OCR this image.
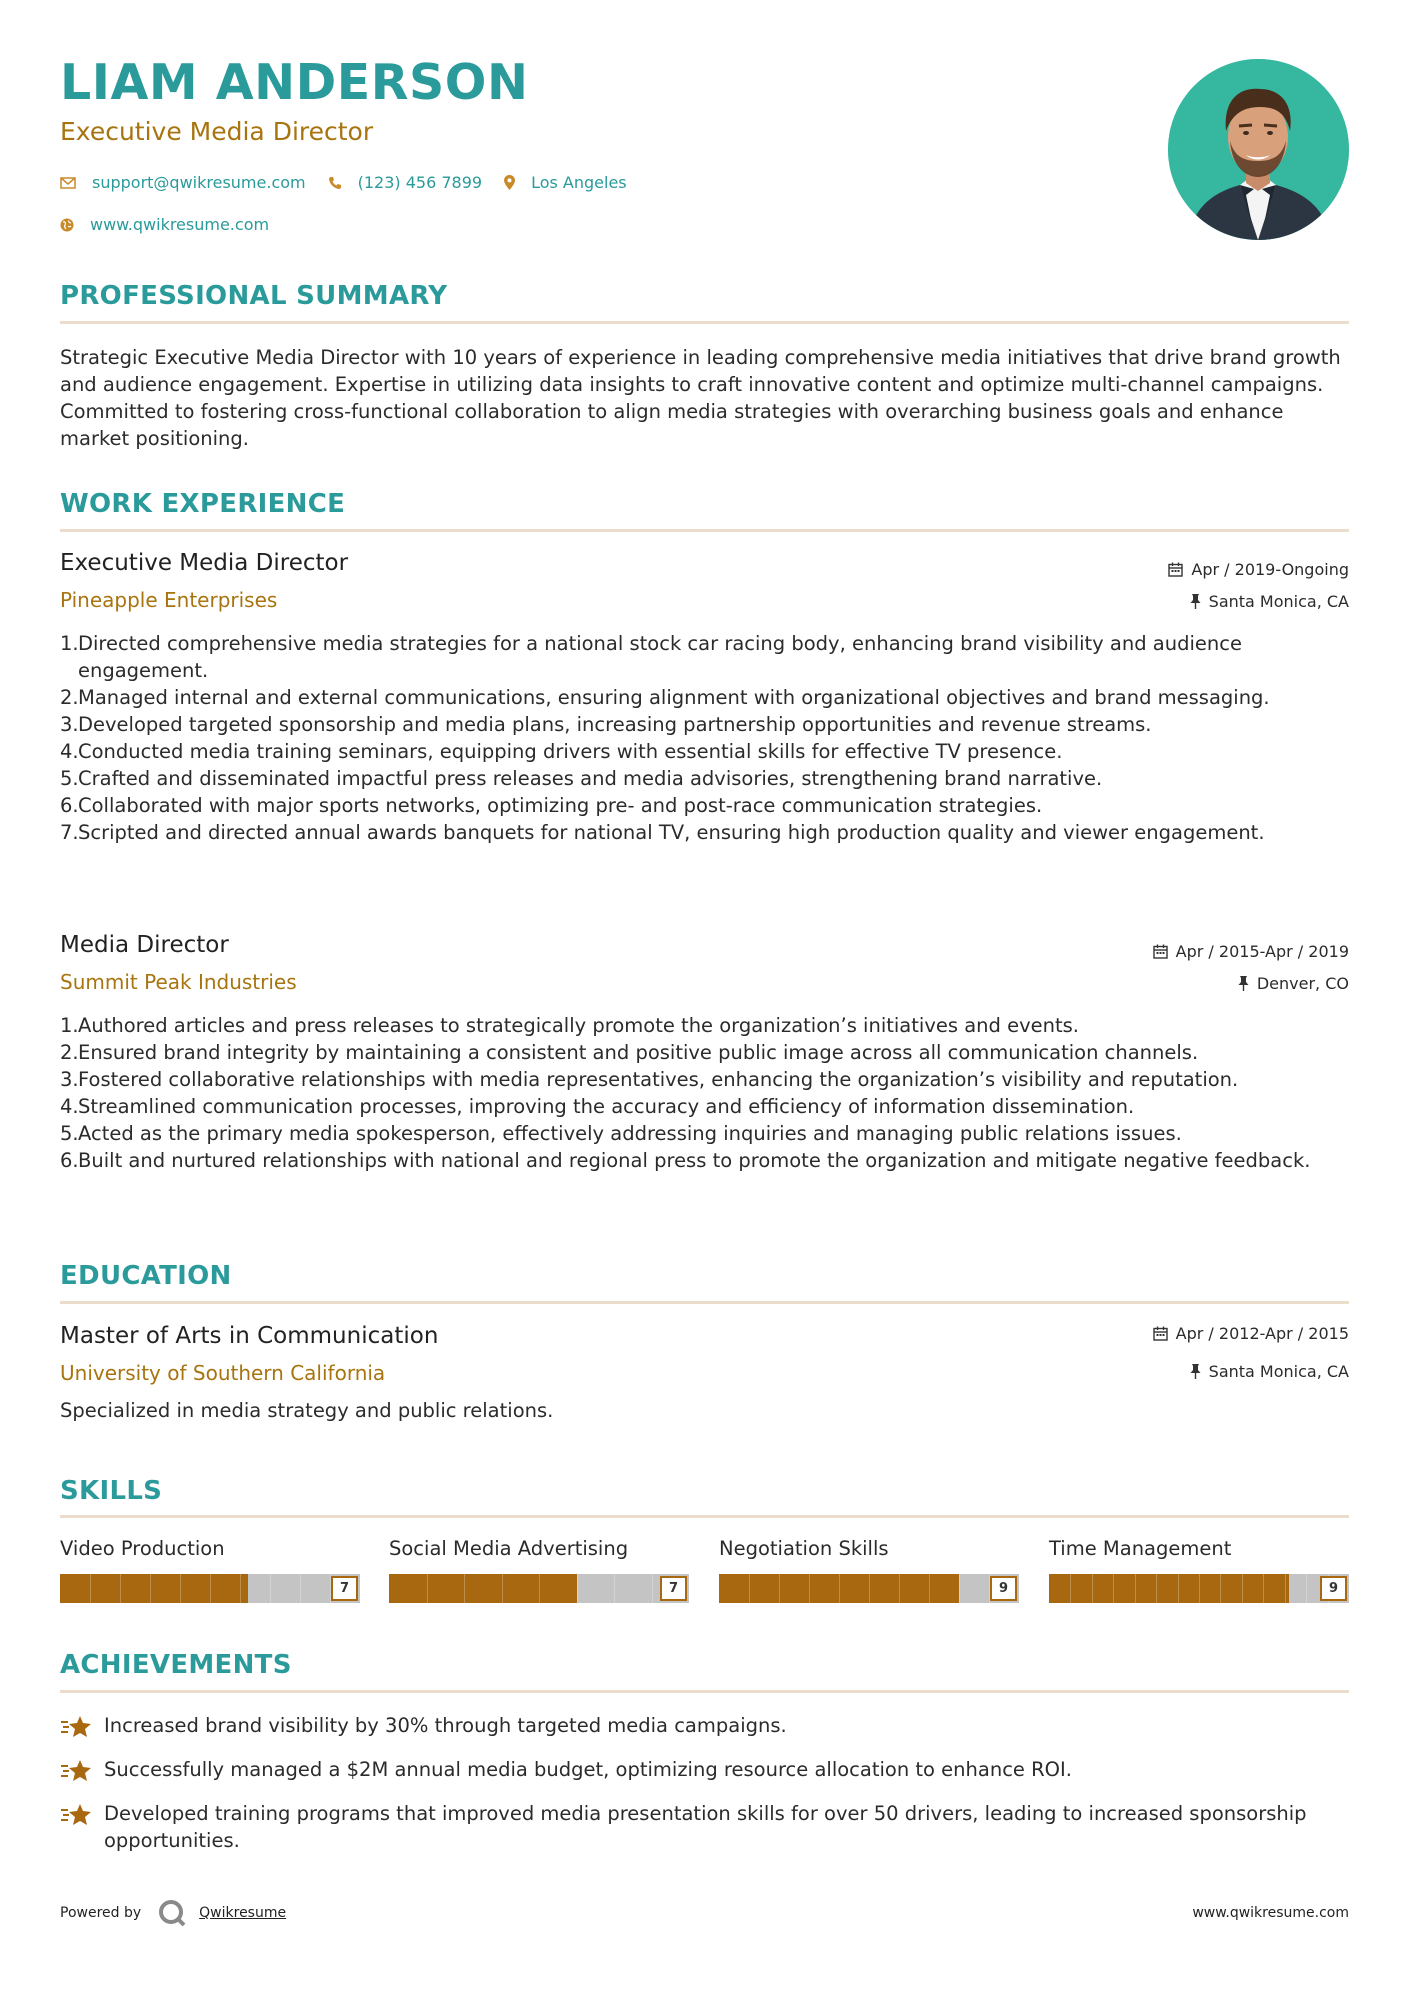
LIAM ANDERSON
Executive Media Director
support@qwikresume.com	(123) 456 7899	Los Angeles
www.qwikresume.com
PROFESSIONAL SUMMARY
Strategic Executive Media Director with 10 years of experience in leading comprehensive media initiatives that drive brand growth and audience engagement. Expertise in utilizing data insights to craft innovative content and optimize multi-channel campaigns. Committed to fostering cross-functional collaboration to align media strategies with overarching business goals and enhance market positioning.
WORK EXPERIENCE
Executive Media Director
Pineapple Enterprises
Apr / 2019-Ongoing
Santa Monica, CA
1. Directed comprehensive media strategies for a national stock car racing body, enhancing brand visibility and audience engagement.
2. Managed internal and external communications, ensuring alignment with organizational objectives and brand messaging.
3. Developed targeted sponsorship and media plans, increasing partnership opportunities and revenue streams.
4. Conducted media training seminars, equipping drivers with essential skills for effective TV presence.
5. Crafted and disseminated impactful press releases and media advisories, strengthening brand narrative.
6. Collaborated with major sports networks, optimizing pre- and post-race communication strategies.
7. Scripted and directed annual awards banquets for national TV, ensuring high production quality and viewer engagement.
Media Director
Summit Peak Industries
Apr / 2015-Apr / 2019
Denver, CO
1. Authored articles and press releases to strategically promote the organization’s initiatives and events.
2. Ensured brand integrity by maintaining a consistent and positive public image across all communication channels.
3. Fostered collaborative relationships with media representatives, enhancing the organization’s visibility and reputation.
4. Streamlined communication processes, improving the accuracy and efficiency of information dissemination.
5. Acted as the primary media spokesperson, effectively addressing inquiries and managing public relations issues.
6. Built and nurtured relationships with national and regional press to promote the organization and mitigate negative feedback.
EDUCATION
Master of Arts in Communication
University of Southern California
Apr / 2012-Apr / 2015
Santa Monica, CA
Specialized in media strategy and public relations.
SKILLS
Video Production
7
Social Media Advertising
7
Negotiation Skills
9
Time Management
9
ACHIEVEMENTS
Increased brand visibility by 30% through targeted media campaigns.
Successfully managed a $2M annual media budget, optimizing resource allocation to enhance ROI.
Developed training programs that improved media presentation skills for over 50 drivers, leading to increased sponsorship opportunities.
Powered by	Qwikresume	www.qwikresume.com
